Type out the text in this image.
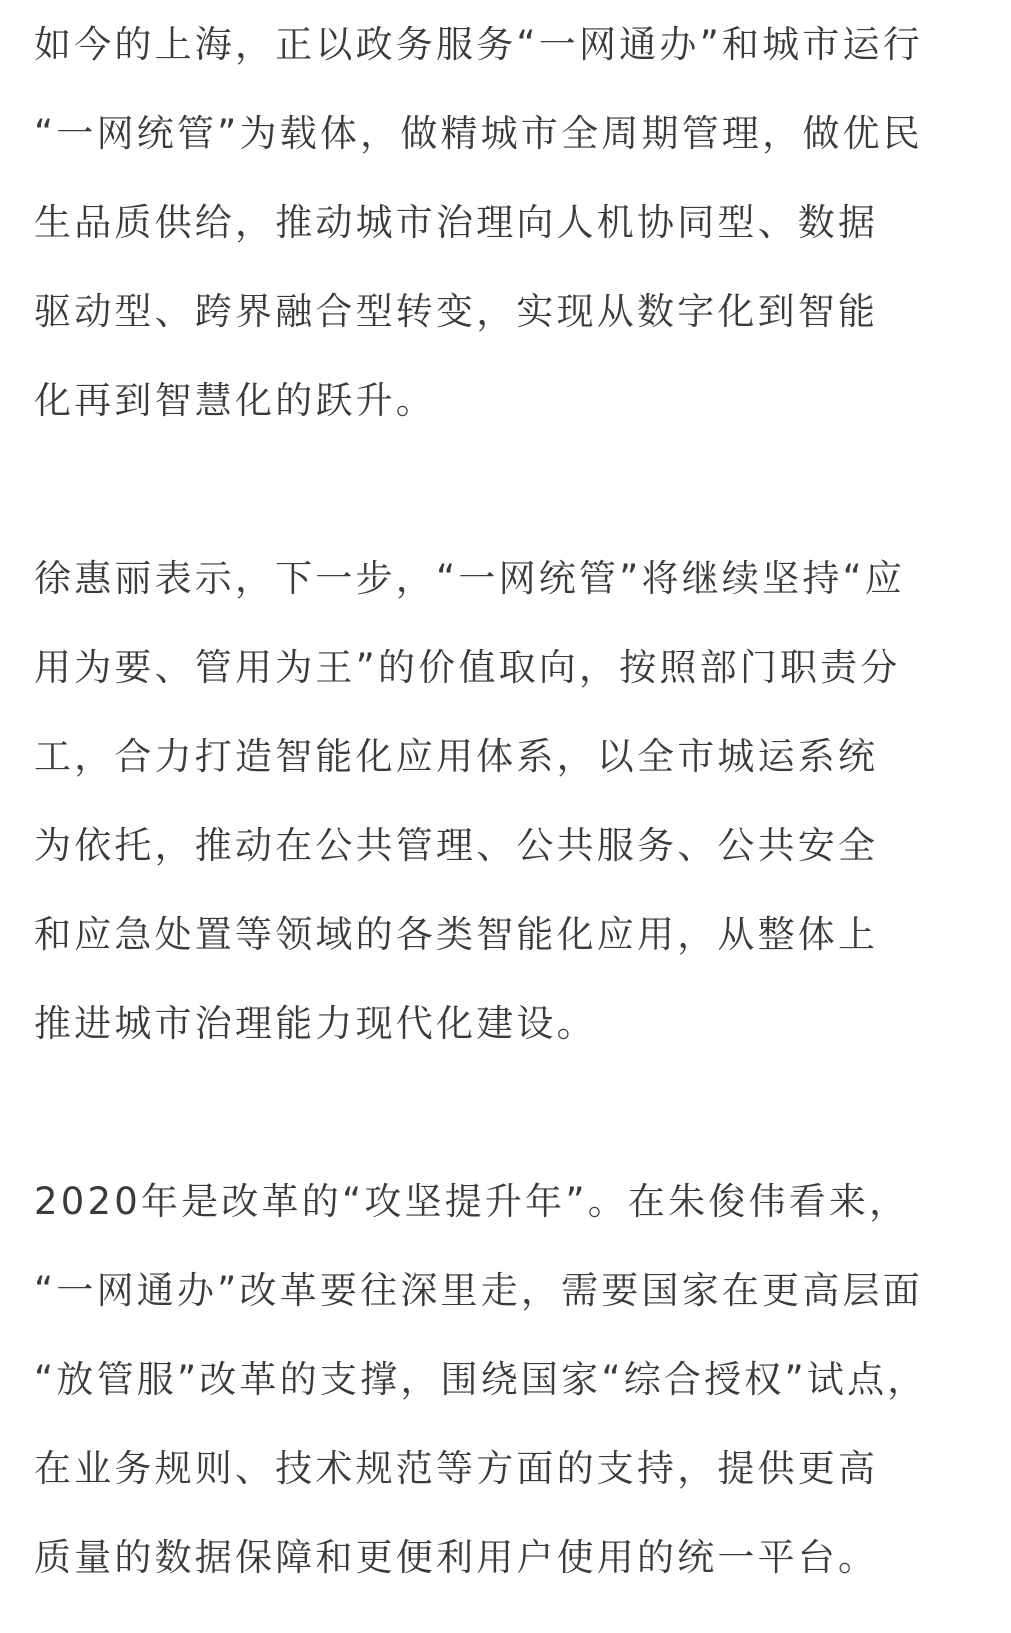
如今的上海，正以政务服务“一网通办”和城市运行
“一网统管”为载体，做精城市全周期管理，做优民
生品质供给，推动城市治理向人机协同型、数据
驱动型、跨界融合型转变，实现从数字化到智能
化再到智慧化的跃升。

徐惠丽表示，下一步，“一网统管”将继续坚持“应
用为要、管用为王”的价值取向，按照部门职责分
工，合力打造智能化应用体系，以全市城运系统
为依托，推动在公共管理、公共服务、公共安全
和应急处置等领域的各类智能化应用，从整体上
推进城市治理能力现代化建设。

2020年是改革的“攻坚提升年”。在朱俊伟看来，
“一网通办”改革要往深里走，需要国家在更高层面
“放管服”改革的支撑，围绕国家“综合授权”试点，
在业务规则、技术规范等方面的支持，提供更高
质量的数据保障和更便利用户使用的统一平台。
